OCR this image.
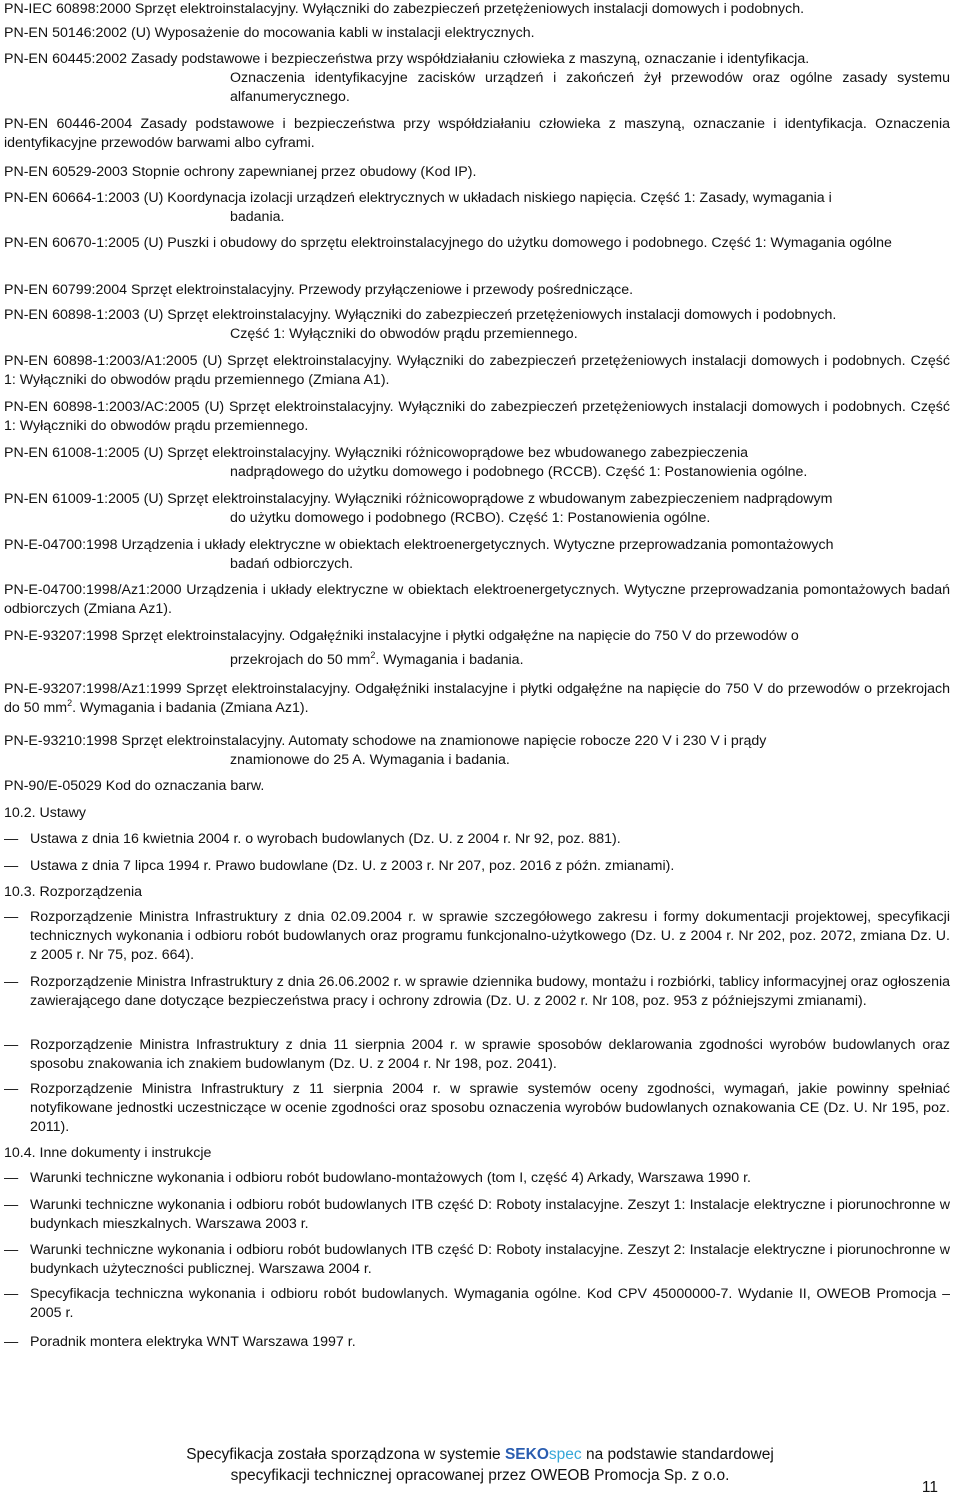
PN-IEC 60898:2000 Sprzęt elektroinstalacyjny. Wyłączniki do zabezpieczeń przetężeniowych instalacji domowych i podobnych.
PN-EN 50146:2002 (U) Wyposażenie do mocowania kabli w instalacji elektrycznych.
PN-EN 60445:2002 Zasady podstawowe i bezpieczeństwa przy współdziałaniu człowieka z maszyną, oznaczanie i identyfikacja.
Oznaczenia identyfikacyjne zacisków urządzeń i zakończeń żył przewodów oraz ogólne zasady systemu alfanumerycznego.
PN-EN 60446-2004 Zasady podstawowe i bezpieczeństwa przy współdziałaniu człowieka z maszyną, oznaczanie i identyfikacja. Oznaczenia identyfikacyjne przewodów barwami albo cyframi.
PN-EN 60529-2003 Stopnie ochrony zapewnianej przez obudowy (Kod IP).
PN-EN 60664-1:2003 (U) Koordynacja izolacji urządzeń elektrycznych w układach niskiego napięcia. Część 1: Zasady, wymagania i
badania.
PN-EN 60670-1:2005 (U) Puszki i obudowy do sprzętu elektroinstalacyjnego do użytku domowego i podobnego. Część 1: Wymagania ogólne
PN-EN 60799:2004 Sprzęt elektroinstalacyjny. Przewody przyłączeniowe i przewody pośredniczące.
PN-EN 60898-1:2003 (U) Sprzęt elektroinstalacyjny. Wyłączniki do zabezpieczeń przetężeniowych instalacji domowych i podobnych.
Część 1: Wyłączniki do obwodów prądu przemiennego.
PN-EN 60898-1:2003/A1:2005 (U) Sprzęt elektroinstalacyjny. Wyłączniki do zabezpieczeń przetężeniowych instalacji domowych i podobnych. Część 1: Wyłączniki do obwodów prądu przemiennego (Zmiana A1).
PN-EN 60898-1:2003/AC:2005 (U) Sprzęt elektroinstalacyjny. Wyłączniki do zabezpieczeń przetężeniowych instalacji domowych i podobnych. Część 1: Wyłączniki do obwodów prądu przemiennego.
PN-EN 61008-1:2005 (U) Sprzęt elektroinstalacyjny. Wyłączniki różnicowoprądowe bez wbudowanego zabezpieczenia
nadprądowego do użytku domowego i podobnego (RCCB). Część 1: Postanowienia ogólne.
PN-EN 61009-1:2005 (U) Sprzęt elektroinstalacyjny. Wyłączniki różnicowoprądowe z wbudowanym zabezpieczeniem nadprądowym
do użytku domowego i podobnego (RCBO). Część 1: Postanowienia ogólne.
PN-E-04700:1998 Urządzenia i układy elektryczne w obiektach elektroenergetycznych. Wytyczne przeprowadzania pomontażowych
badań odbiorczych.
PN-E-04700:1998/Az1:2000 Urządzenia i układy elektryczne w obiektach elektroenergetycznych. Wytyczne przeprowadzania pomontażowych badań odbiorczych (Zmiana Az1).
PN-E-93207:1998 Sprzęt elektroinstalacyjny. Odgałęźniki instalacyjne i płytki odgałęźne na napięcie do 750 V do przewodów o
przekrojach do 50 $mm^2$. Wymagania i badania.
PN-E-93207:1998/Az1:1999 Sprzęt elektroinstalacyjny. Odgałęźniki instalacyjne i płytki odgałęźne na napięcie do 750 V do przewodów o przekrojach do 50 $mm^2$. Wymagania i badania (Zmiana Az1).
PN-E-93210:1998 Sprzęt elektroinstalacyjny. Automaty schodowe na znamionowe napięcie robocze 220 V i 230 V i prądy
znamionowe do 25 A. Wymagania i badania.
PN-90/E-05029 Kod do oznaczania barw.
10.2. Ustawy
— Ustawa z dnia 16 kwietnia 2004 r. o wyrobach budowlanych (Dz. U. z 2004 r. Nr 92, poz. 881).
— Ustawa z dnia 7 lipca 1994 r. Prawo budowlane (Dz. U. z 2003 r. Nr 207, poz. 2016 z późn. zmianami).
10.3. Rozporządzenia
— Rozporządzenie Ministra Infrastruktury z dnia 02.09.2004 r. w sprawie szczegółowego zakresu i formy dokumentacji projektowej, specyfikacji technicznych wykonania i odbioru robót budowlanych oraz programu funkcjonalno-użytkowego (Dz. U. z 2004 r. Nr 202, poz. 2072, zmiana Dz. U. z 2005 r. Nr 75, poz. 664).
— Rozporządzenie Ministra Infrastruktury z dnia 26.06.2002 r. w sprawie dziennika budowy, montażu i rozbiórki, tablicy informacyjnej oraz ogłoszenia zawierającego dane dotyczące bezpieczeństwa pracy i ochrony zdrowia (Dz. U. z 2002 r. Nr 108, poz. 953 z późniejszymi zmianami).
— Rozporządzenie Ministra Infrastruktury z dnia 11 sierpnia 2004 r. w sprawie sposobów deklarowania zgodności wyrobów budowlanych oraz sposobu znakowania ich znakiem budowlanym (Dz. U. z 2004 r. Nr 198, poz. 2041).
— Rozporządzenie Ministra Infrastruktury z 11 sierpnia 2004 r. w sprawie systemów oceny zgodności, wymagań, jakie powinny spełniać notyfikowane jednostki uczestniczące w ocenie zgodności oraz sposobu oznaczenia wyrobów budowlanych oznakowania CE (Dz. U. Nr 195, poz. 2011).
10.4. Inne dokumenty i instrukcje
— Warunki techniczne wykonania i odbioru robót budowlano-montażowych (tom I, część 4) Arkady, Warszawa 1990 r.
— Warunki techniczne wykonania i odbioru robót budowlanych ITB część D: Roboty instalacyjne. Zeszyt 1: Instalacje elektryczne i piorunochronne w budynkach mieszkalnych. Warszawa 2003 r.
— Warunki techniczne wykonania i odbioru robót budowlanych ITB część D: Roboty instalacyjne. Zeszyt 2: Instalacje elektryczne i piorunochronne w budynkach użyteczności publicznej. Warszawa 2004 r.
— Specyfikacja techniczna wykonania i odbioru robót budowlanych. Wymagania ogólne. Kod CPV 45000000-7. Wydanie II, OWEOB Promocja – 2005 r.
— Poradnik montera elektryka WNT Warszawa 1997 r.
Specyfikacja została sporządzona w systemie SEKOspec na podstawie standardowej
specyfikacji technicznej opracowanej przez OWEOB Promocja Sp. z o.o.
11
